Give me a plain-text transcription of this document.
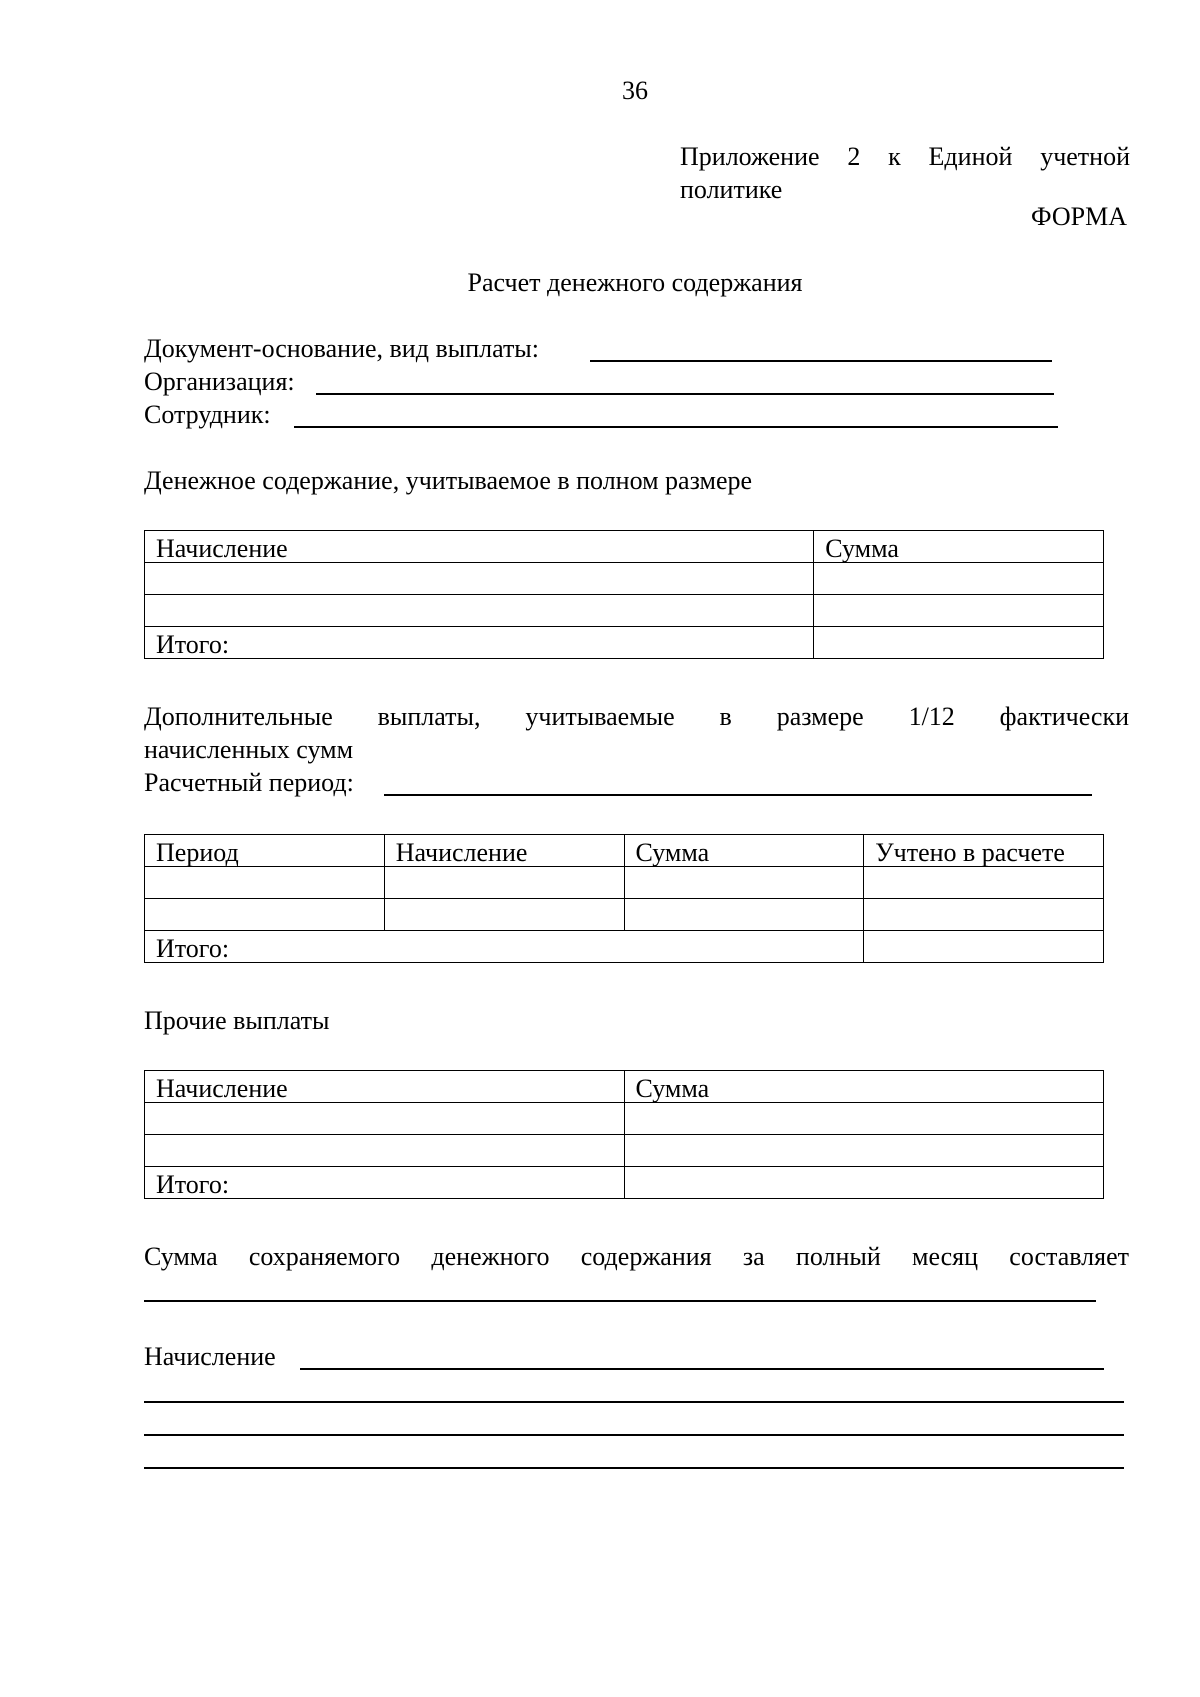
36
Приложение 2 к Единой учетной политике
ФОРМА
Расчет денежного содержания
Документ-основание, вид выплаты:
Организация:
Сотрудник:
Денежное содержание, учитываемое в полном размере
Начисление	Сумма

Итого:	
Дополнительные выплаты, учитываемые в размере 1/12 фактически
начисленных сумм
Расчетный период:
Период	Начисление	Сумма	Учтено в расчете

Итого:			
Прочие выплаты
Начисление	Сумма

Итого:	
Сумма сохраняемого денежного содержания за полный месяц составляет
Начисление
